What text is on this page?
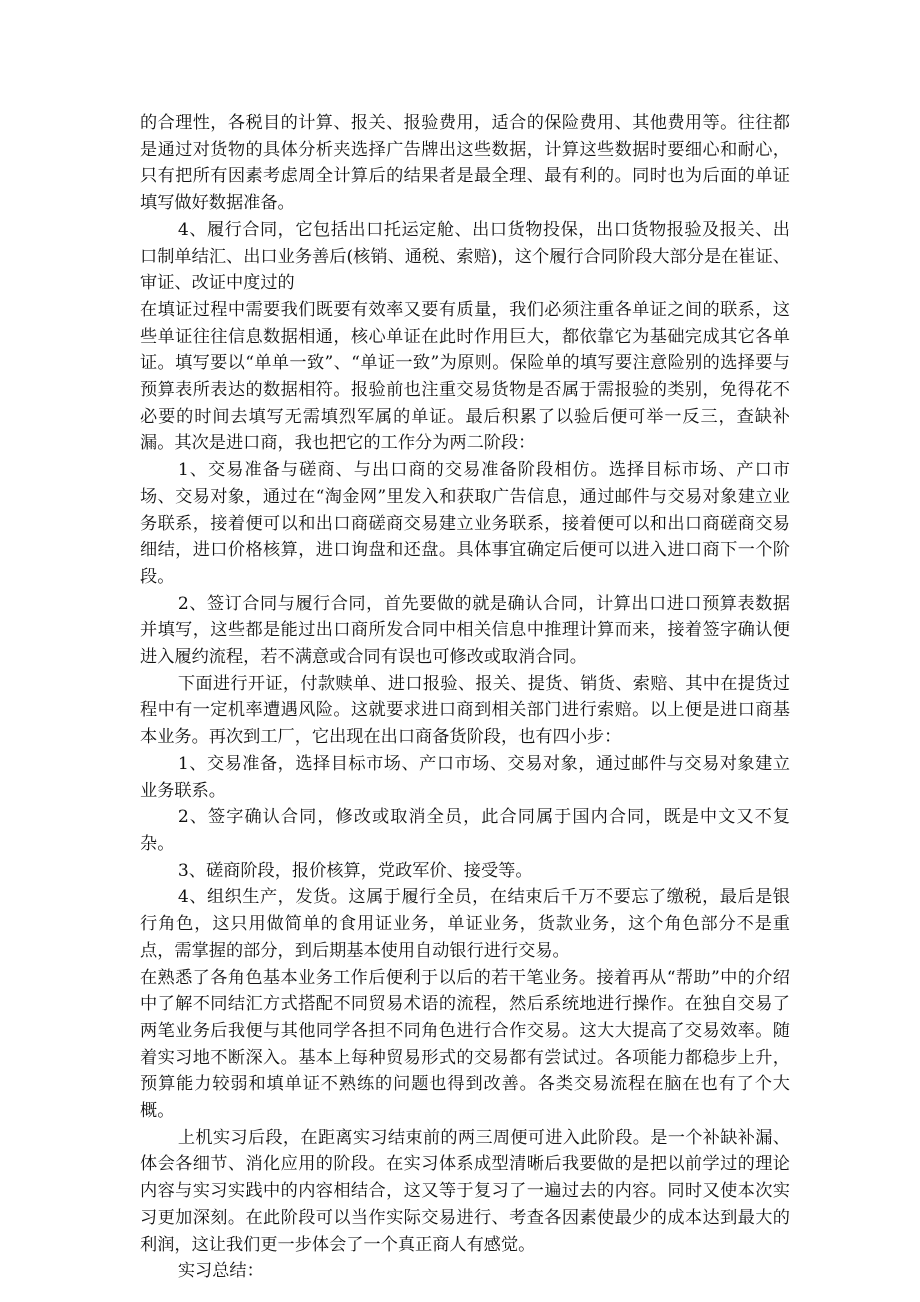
的合理性，各税目的计算、报关、报验费用，适合的保险费用、其他费用等。往往都是通过对货物的具体分析夹选择广告牌出这些数据，计算这些数据时要细心和耐心，只有把所有因素考虑周全计算后的结果者是最全理、最有利的。同时也为后面的单证填写做好数据准备。

4、履行合同，它包括出口托运定舱、出口货物投保，出口货物报验及报关、出口制单结汇、出口业务善后(核销、通税、索赔)，这个履行合同阶段大部分是在崔证、审证、改证中度过的

在填证过程中需要我们既要有效率又要有质量，我们必须注重各单证之间的联系，这些单证往往信息数据相通，核心单证在此时作用巨大，都依靠它为基础完成其它各单证。填写要以“单单一致”、“单证一致”为原则。保险单的填写要注意险别的选择要与预算表所表达的数据相符。报验前也注重交易货物是否属于需报验的类别，免得花不必要的时间去填写无需填烈军属的单证。最后积累了以验后便可举一反三，查缺补漏。其次是进口商，我也把它的工作分为两二阶段：

1、交易准备与磋商、与出口商的交易准备阶段相仿。选择目标市场、产口市场、交易对象，通过在“淘金网”里发入和获取广告信息，通过邮件与交易对象建立业务联系，接着便可以和出口商磋商交易建立业务联系，接着便可以和出口商磋商交易细结，进口价格核算，进口询盘和还盘。具体事宜确定后便可以进入进口商下一个阶段。

2、签订合同与履行合同，首先要做的就是确认合同，计算出口进口预算表数据并填写，这些都是能过出口商所发合同中相关信息中推理计算而来，接着签字确认便进入履约流程，若不满意或合同有误也可修改或取消合同。

下面进行开证，付款赎单、进口报验、报关、提货、销货、索赔、其中在提货过程中有一定机率遭遇风险。这就要求进口商到相关部门进行索赔。以上便是进口商基本业务。再次到工厂，它出现在出口商备货阶段，也有四小步：

1、交易准备，选择目标市场、产口市场、交易对象，通过邮件与交易对象建立业务联系。

2、签字确认合同，修改或取消全员，此合同属于国内合同，既是中文又不复杂。

3、磋商阶段，报价核算，党政军价、接受等。

4、组织生产，发货。这属于履行全员，在结束后千万不要忘了缴税，最后是银行角色，这只用做简单的食用证业务，单证业务，货款业务，这个角色部分不是重点，需掌握的部分，到后期基本使用自动银行进行交易。

在熟悉了各角色基本业务工作后便利于以后的若干笔业务。接着再从“帮助”中的介绍中了解不同结汇方式搭配不同贸易术语的流程，然后系统地进行操作。在独自交易了两笔业务后我便与其他同学各担不同角色进行合作交易。这大大提高了交易效率。随着实习地不断深入。基本上每种贸易形式的交易都有尝试过。各项能力都稳步上升，预算能力较弱和填单证不熟练的问题也得到改善。各类交易流程在脑在也有了个大概。

上机实习后段，在距离实习结束前的两三周便可进入此阶段。是一个补缺补漏、体会各细节、消化应用的阶段。在实习体系成型清晰后我要做的是把以前学过的理论内容与实习实践中的内容相结合，这又等于复习了一遍过去的内容。同时又使本次实习更加深刻。在此阶段可以当作实际交易进行、考查各因素使最少的成本达到最大的利润，这让我们更一步体会了一个真正商人有感觉。

实习总结：
